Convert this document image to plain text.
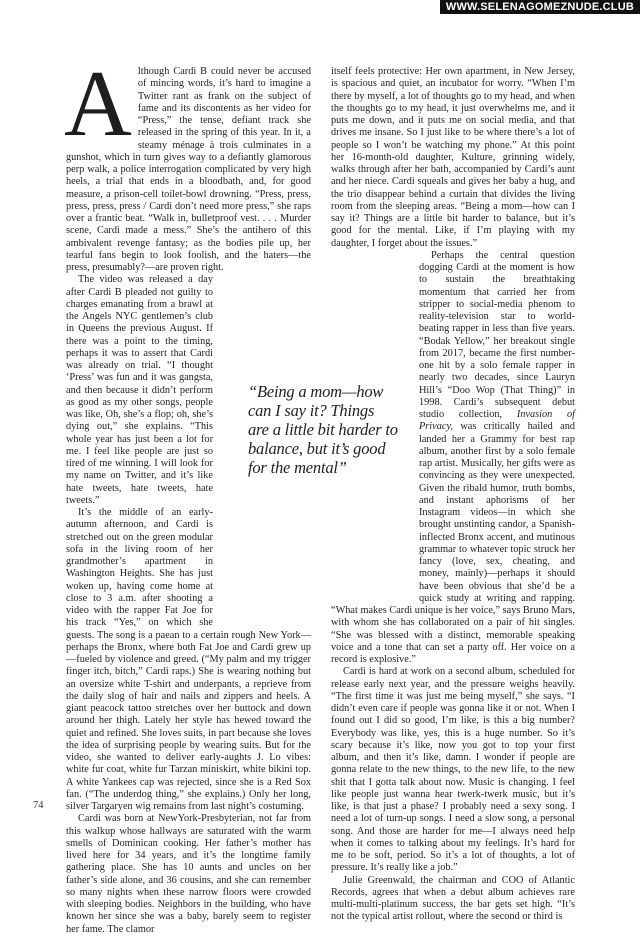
WWW.SELENAGOMEZNUDE.CLUB

Although Cardi B could never be accused of mincing words, it’s hard to imagine a Twitter rant as frank on the subject of fame and its discontents as her video for “Press,” the tense, defiant track she released in the spring of this year. In it, a steamy ménage à trois culminates in a gunshot, which in turn gives way to a defiantly glamorous perp walk, a police interrogation complicated by very high heels, a trial that ends in a bloodbath, and, for good measure, a prison-cell toilet-bowl drowning. “Press, press, press, press, press / Cardi don’t need more press,” she raps over a frantic beat. “Walk in, bulletproof vest. . . . Murder scene, Cardi made a mess.” She’s the antihero of this ambivalent revenge fantasy; as the bodies pile up, her tearful fans begin to look foolish, and the haters—the press, presumably?—are proven right.

The video was released a day after Cardi B pleaded not guilty to charges emanating from a brawl at the Angels NYC gentlemen’s club in Queens the previous August. If there was a point to the timing, perhaps it was to assert that Cardi was already on trial. “I thought ‘Press’ was fun and it was gangsta, and then because it didn’t perform as good as my other songs, people was like, Oh, she’s a flop; oh, she’s dying out,” she explains. “This whole year has just been a lot for me. I feel like people are just so tired of me winning. I will look for my name on Twitter, and it’s like hate tweets, hate tweets, hate tweets.”

It’s the middle of an early-autumn afternoon, and Cardi is stretched out on the green modular sofa in the living room of her grandmother’s apartment in Washington Heights. She has just woken up, having come home at close to 3 a.m. after shooting a video with the rapper Fat Joe for his track “Yes,” on which she guests. The song is a paean to a certain rough New York—perhaps the Bronx, where both Fat Joe and Cardi grew up—fueled by violence and greed. (“My palm and my trigger finger itch, bitch,” Cardi raps.) She is wearing nothing but an oversize white T-shirt and underpants, a reprieve from the daily slog of hair and nails and zippers and heels. A giant peacock tattoo stretches over her buttock and down around her thigh. Lately her style has hewed toward the quiet and refined. She loves suits, in part because she loves the idea of surprising people by wearing suits. But for the video, she wanted to deliver early-aughts J. Lo vibes: white fur coat, white fur Tarzan miniskirt, white bikini top. A white Yankees cap was rejected, since she is a Red Sox fan. (“The underdog thing,” she explains.) Only her long, silver Targaryen wig remains from last night’s costuming.

Cardi was born at NewYork-Presbyterian, not far from this walkup whose hallways are saturated with the warm smells of Dominican cooking. Her father’s mother has lived here for 34 years, and it’s the longtime family gathering place. She has 10 aunts and uncles on her father’s side alone, and 36 cousins, and she can remember so many nights when these narrow floors were crowded with sleeping bodies. Neighbors in the building, who have known her since she was a baby, barely seem to register her fame. The clamor

itself feels protective: Her own apartment, in New Jersey, is spacious and quiet, an incubator for worry. “When I’m there by myself, a lot of thoughts go to my head, and when the thoughts go to my head, it just overwhelms me, and it puts me down, and it puts me on social media, and that drives me insane. So I just like to be where there’s a lot of people so I won’t be watching my phone.” At this point her 16-month-old daughter, Kulture, grinning widely, walks through after her bath, accompanied by Cardi’s aunt and her niece. Cardi squeals and gives her baby a hug, and the trio disappear behind a curtain that divides the living room from the sleeping areas. “Being a mom—how can I say it? Things are a little bit harder to balance, but it’s good for the mental. Like, if I’m playing with my daughter, I forget about the issues.”

Perhaps the central question dogging Cardi at the moment is how to sustain the breathtaking momentum that carried her from stripper to social-media phenom to reality-television star to world-beating rapper in less than five years. “Bodak Yellow,” her breakout single from 2017, became the first number-one hit by a solo female rapper in nearly two decades, since Lauryn Hill’s “Doo Wop (That Thing)” in 1998. Cardi’s subsequent debut studio collection, Invasion of Privacy, was critically hailed and landed her a Grammy for best rap album, another first by a solo female rap artist. Musically, her gifts were as convincing as they were unexpected. Given the ribald humor, truth bombs, and instant aphorisms of her Instagram videos—in which she brought unstinting candor, a Spanish-inflected Bronx accent, and mutinous grammar to whatever topic struck her fancy (love, sex, cheating, and money, mainly)—perhaps it should have been obvious that she’d be a quick study at writing and rapping. “What makes Cardi unique is her voice,” says Bruno Mars, with whom she has collaborated on a pair of hit singles. “She was blessed with a distinct, memorable speaking voice and a tone that can set a party off. Her voice on a record is explosive.”

Cardi is hard at work on a second album, scheduled for release early next year, and the pressure weighs heavily. “The first time it was just me being myself,” she says. “I didn’t even care if people was gonna like it or not. When I found out I did so good, I’m like, is this a big number? Everybody was like, yes, this is a huge number. So it’s scary because it’s like, now you got to top your first album, and then it’s like, damn. I wonder if people are gonna relate to the new things, to the new life, to the new shit that I gotta talk about now. Music is changing. I feel like people just wanna hear twerk-twerk music, but it’s like, is that just a phase? I probably need a sexy song. I need a lot of turn-up songs. I need a slow song, a personal song. And those are harder for me—I always need help when it comes to talking about my feelings. It’s hard for me to be soft, period. So it’s a lot of thoughts, a lot of pressure. It’s really like a job.”

Julie Greenwald, the chairman and COO of Atlantic Records, agrees that when a debut album achieves rare multi-multi-platinum success, the bar gets set high. “It’s not the typical artist rollout, where the second or third is

“Being a mom—how can I say it? Things are a little bit harder to balance, but it’s good for the mental”
74
